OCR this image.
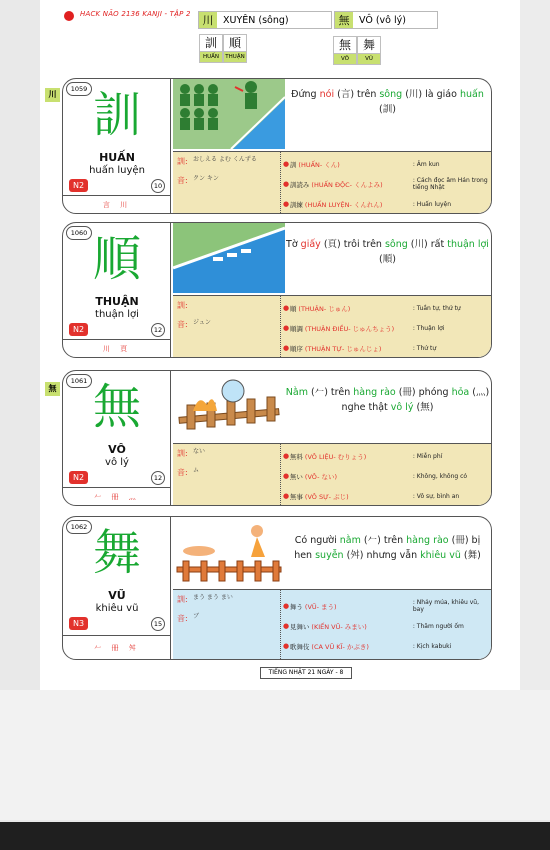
HACK NÃO 2136 KANJI - TẬP 2	川	XUYÊN (sông)	無	VÔ (vô lý)
訓
HUẤN
順
THUẬN
無
VÔ
舞
VŨ
川
無
1059 訓
HUẤN
huấn luyện
N2	10
言 川
Đứng nói (言) trên sông (川) là giáo huấn (訓)
訓: おしえる よむ くんずる
音: クン キン
● 訓 (HUẤN- くん)	: Âm kun
● 訓読み (HUẤN ĐỘC- くんよみ)	: Cách đọc âm Hán trong tiếng Nhật
● 訓練 (HUẤN LUYỆN- くんれん)	: Huấn luyện
1060 順
THUẬN
thuận lợi
N2	12
川 頁
Tờ giấy (頁) trôi trên sông (川) rất thuận lợi (順)
訓:
音: ジュン
● 順 (THUẬN- じゅん)	: Tuần tự, thứ tự
● 順調 (THUẬN ĐIỀU- じゅんちょう)	: Thuận lợi
● 順序 (THUẬN TỰ- じゅんじょ)	: Thứ tự
1061 無
VÔ
vô lý
N2	12
𠂉 冊 灬
Nằm (𠂉) trên hàng rào (冊) phóng hỏa (灬) nghe thật vô lý (無)
訓: ない
音: ム
● 無料 (VÔ LIỆU- むりょう)	: Miễn phí
● 無い (VÔ- ない)	: Không, không có
● 無事 (VÔ SỰ- ぶじ)	: Vô sự, bình an
1062 舞
VŨ
khiêu vũ
N3	15
𠂉 冊 舛
Có người nằm (𠂉) trên hàng rào (冊) bị hen suyễn (舛) nhưng vẫn khiêu vũ (舞)
訓: まう まう まい
音: ブ
● 舞う (VŨ- まう)	: Nhảy múa, khiêu vũ, bay
● 見舞い (KIẾN VŨ- みまい)	: Thăm người ốm
● 歌舞伎 (CA VŨ KĨ- かぶき)	: Kịch kabuki
TIẾNG NHẬT 21 NGÀY - 8
